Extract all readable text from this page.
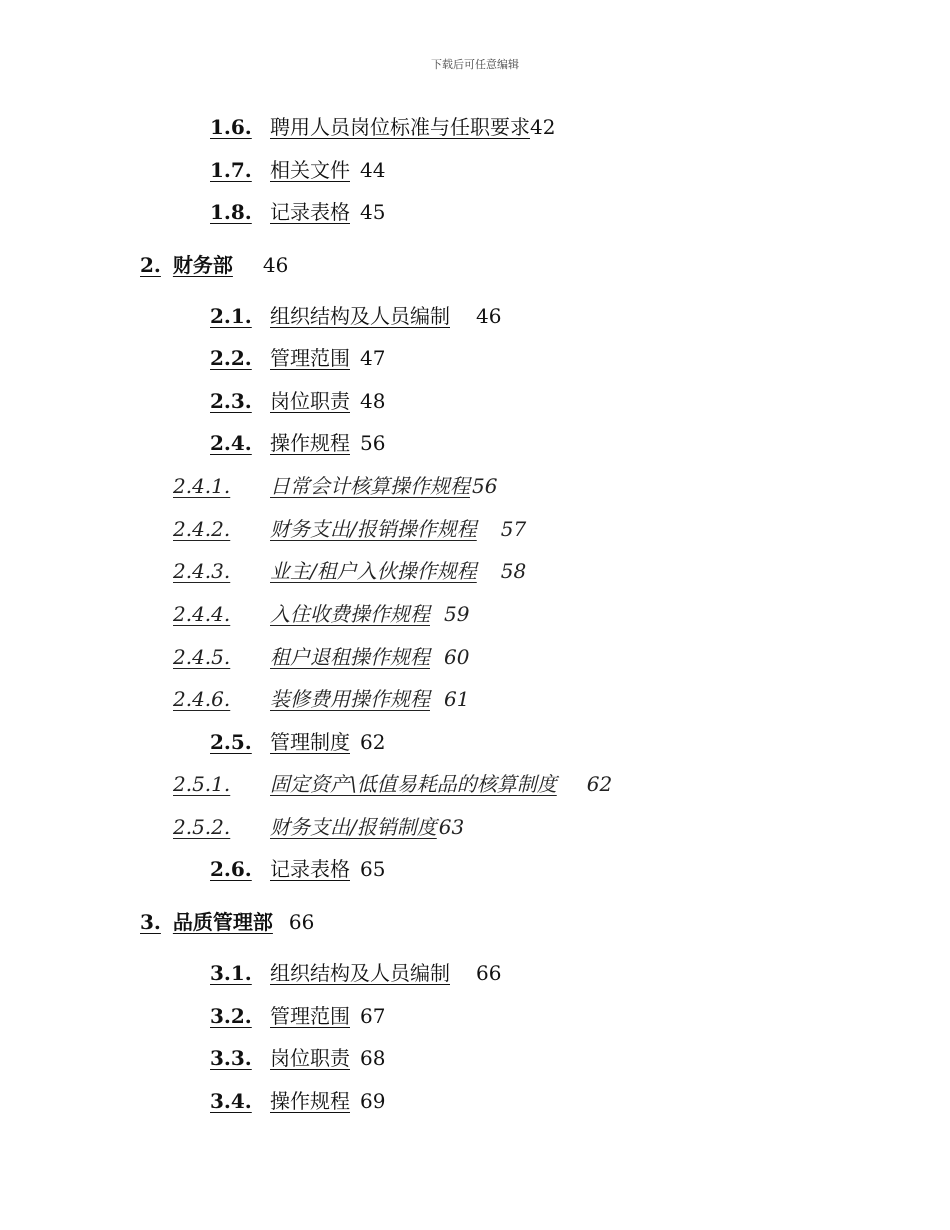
下载后可任意编辑
1.6. 聘用人员岗位标准与任职要求42
1.7. 相关文件 44
1.8. 记录表格 45
2. 财务部 46
2.1. 组织结构及人员编制 46
2.2. 管理范围 47
2.3. 岗位职责 48
2.4. 操作规程 56
2.4.1. 日常会计核算操作规程 56
2.4.2. 财务支出/报销操作规程 57
2.4.3. 业主/租户入伙操作规程 58
2.4.4. 入住收费操作规程 59
2.4.5. 租户退租操作规程 60
2.4.6. 装修费用操作规程 61
2.5. 管理制度 62
2.5.1. 固定资产\低值易耗品的核算制度 62
2.5.2. 财务支出/报销制度 63
2.6. 记录表格 65
3. 品质管理部 66
3.1. 组织结构及人员编制 66
3.2. 管理范围 67
3.3. 岗位职责 68
3.4. 操作规程 69
